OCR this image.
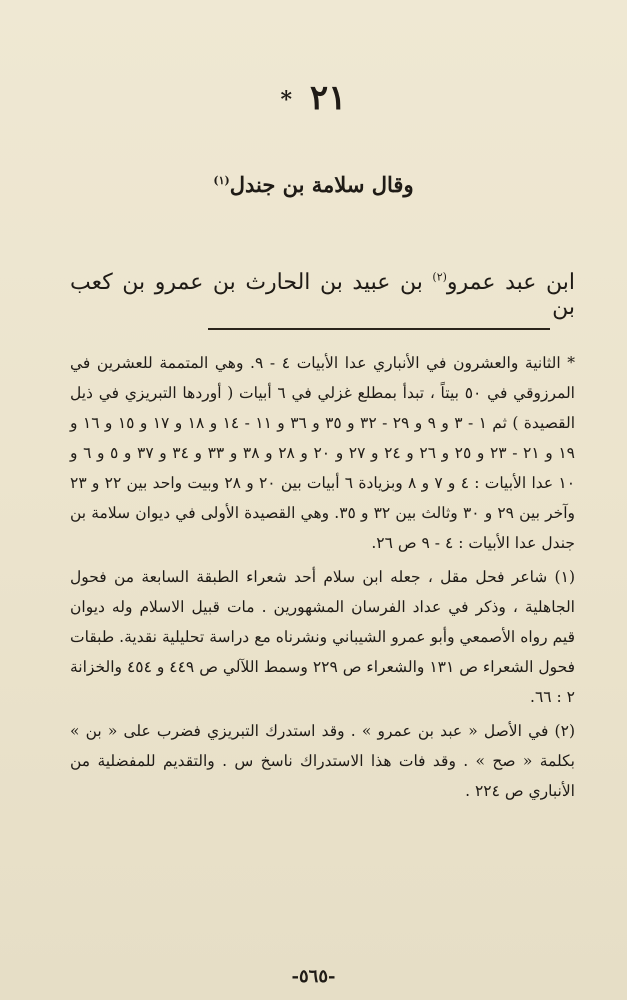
٢١ *
وقال سلامة بن جندل$^{(١)}$
ابن عبد عمرو$^{(٢)}$ بن عبيد بن الحارث بن عمرو بن كعب بن

* الثانية والعشرون في الأنباري عدا الأبيات ٤ - ٩. وهي المتممة للعشرين في المرزوقي في ٥٠ بيتاً ، تبدأ بمطلع غزلي في ٦ أبيات ( أوردها التبريزي في ذيل القصيدة ) ثم ١ - ٣ و ٩ و ٢٩ - ٣٢ و ٣٥ و ٣٦ و ١١ - ١٤ و ١٨ و ١٧ و ١٥ و ١٦ و ١٩ و ٢١ - ٢٣ و ٢٥ و ٢٦ و ٢٤ و ٢٧ و ٢٠ و ٢٨ و ٣٨ و ٣٣ و ٣٤ و ٣٧ و ٥ و ٦ و ١٠ عدا الأبيات : ٤ و ٧ و ٨ وبزيادة ٦ أبيات بين ٢٠ و ٢٨ وبيت واحد بين ٢٢ و ٢٣ وآخر بين ٢٩ و ٣٠ وثالث بين ٣٢ و ٣٥. وهي القصيدة الأولى في ديوان سلامة بن جندل عدا الأبيات : ٤ - ٩ ص ٢٦.

(١) شاعر فحل مقل ، جعله ابن سلام أحد شعراء الطبقة السابعة من فحول الجاهلية ، وذكر في عداد الفرسان المشهورين . مات قبيل الاسلام وله ديوان قيم رواه الأصمعي وأبو عمرو الشيباني ونشرناه مع دراسة تحليلية نقدية. طبقات فحول الشعراء ص ١٣١ والشعراء ص ٢٢٩ وسمط اللآلي ص ٤٤٩ و ٤٥٤ والخزانة ٢ : ٦٦.

(٢) في الأصل « عبد بن عمرو » . وقد استدرك التبريزي فضرب على « بن » بكلمة « صح » . وقد فات هذا الاستدراك ناسخ س . والتقديم للمفضلية من الأنباري ص ٢٢٤ .

-٥٦٥-
